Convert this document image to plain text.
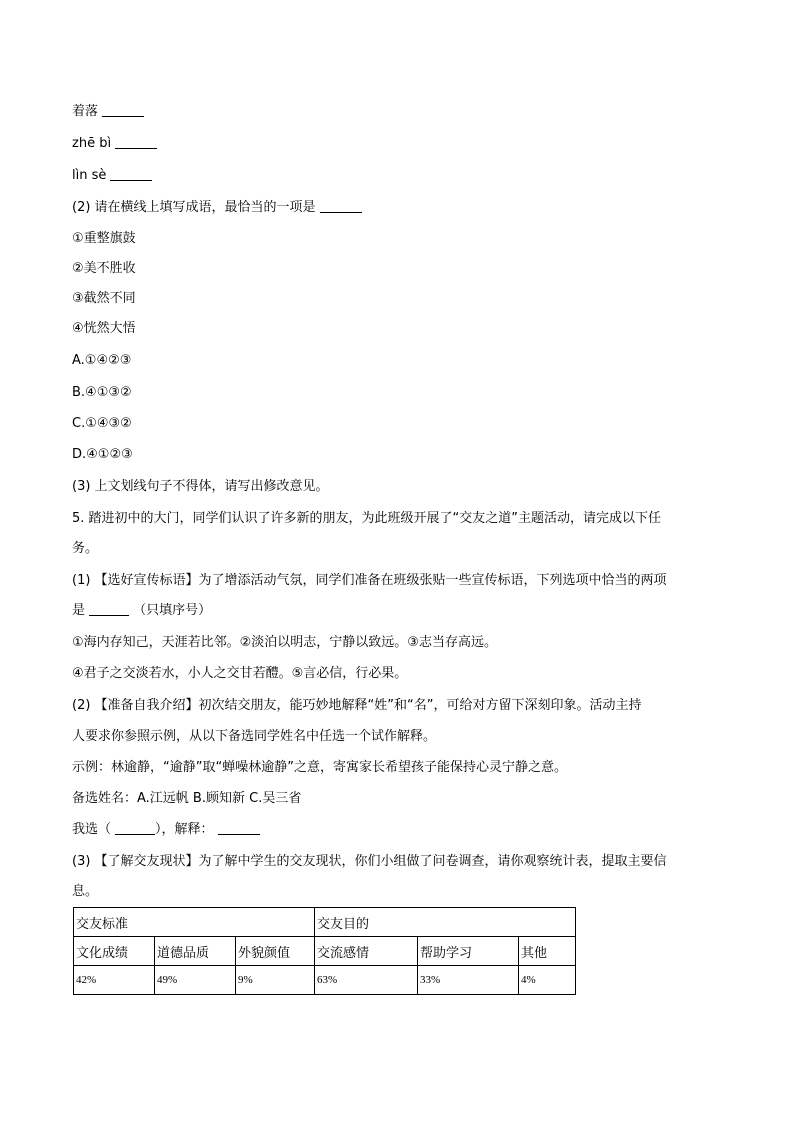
着落
zhē bì
lìn sè
(2) 请在横线上填写成语，最恰当的一项是
①重整旗鼓
②美不胜收
③截然不同
④恍然大悟
A.①④②③
B.④①③②
C.①④③②
D.④①②③
(3) 上文划线句子不得体，请写出修改意见。
5. 踏进初中的大门，同学们认识了许多新的朋友，为此班级开展了“交友之道”主题活动，请完成以下任
务。
(1) 【选好宣传标语】为了增添活动气氛，同学们准备在班级张贴一些宣传标语，下列选项中恰当的两项
是	（只填序号）
①海内存知己，天涯若比邻。②淡泊以明志，宁静以致远。③志当存高远。
④君子之交淡若水，小人之交甘若醴。⑤言必信，行必果。
(2) 【准备自我介绍】初次结交朋友，能巧妙地解释“姓”和“名”，可给对方留下深刻印象。活动主持
人要求你参照示例，从以下备选同学姓名中任选一个试作解释。
示例：林逾静，“逾静”取“蝉噪林逾静”之意，寄寓家长希望孩子能保持心灵宁静之意。
备选姓名：A.江远帆 B.顾知新 C.吴三省
我选（	），解释：
(3) 【了解交友现状】为了解中学生的交友现状，你们小组做了问卷调查，请你观察统计表，提取主要信
息。
交友标准			交友目的		
文化成绩	道德品质	外貌颜值	交流感情	帮助学习	其他
42%	49%	9%	63%	33%	4%
